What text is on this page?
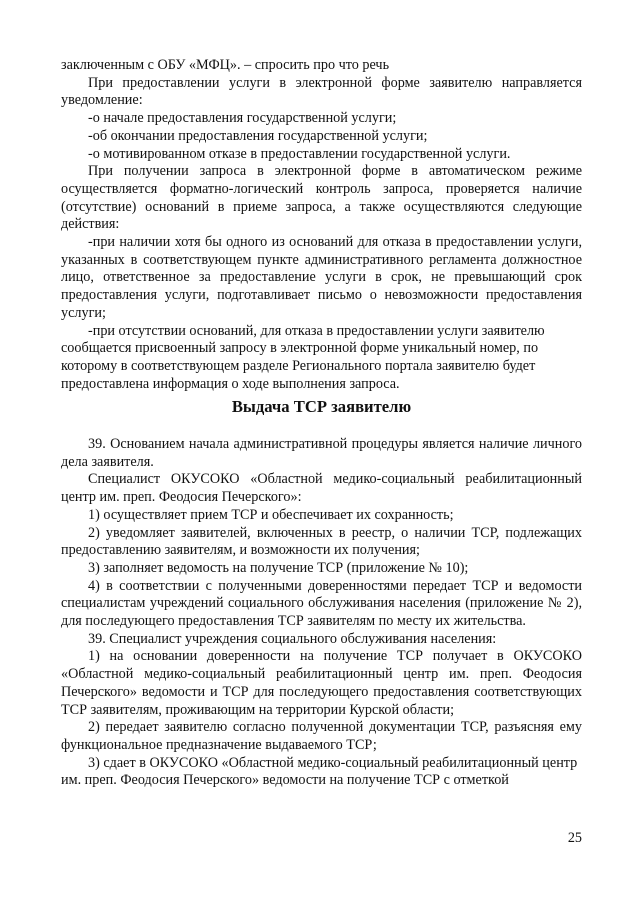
заключенным с ОБУ «МФЦ». – спросить про что речь

При предоставлении услуги в электронной форме заявителю направляется уведомление:

-о начале предоставления государственной услуги;

-об окончании предоставления государственной услуги;

-о мотивированном отказе в предоставлении государственной услуги.

При получении запроса в электронной форме в автоматическом режиме осуществляется форматно-логический контроль запроса, проверяется наличие (отсутствие) оснований в приеме запроса, а также осуществляются следующие действия:

-при наличии хотя бы одного из оснований для отказа в предоставлении услуги, указанных в соответствующем пункте административного регламента должностное лицо, ответственное за предоставление услуги в срок, не превышающий срок предоставления услуги, подготавливает письмо о невозможности предоставления услуги;

-при отсутствии оснований, для отказа в предоставлении услуги заявителю сообщается присвоенный запросу в электронной форме уникальный номер, по которому в соответствующем разделе Регионального портала заявителю будет предоставлена информация о ходе выполнения запроса.

Выдача ТСР заявителю

39. Основанием начала административной процедуры является наличие личного дела заявителя.

Специалист ОКУСОКО «Областной медико-социальный реабилитационный центр им. преп. Феодосия Печерского»:

1) осуществляет прием ТСР и обеспечивает их сохранность;

2) уведомляет заявителей, включенных в реестр, о наличии ТСР, подлежащих предоставлению заявителям, и возможности их получения;

3) заполняет ведомость на получение ТСР (приложение № 10);

4) в соответствии с полученными доверенностями передает ТСР и ведомости специалистам учреждений социального обслуживания населения (приложение № 2), для последующего предоставления ТСР заявителям по месту их жительства.

39. Специалист учреждения социального обслуживания населения:

1) на основании доверенности на получение ТСР получает в ОКУСОКО «Областной медико-социальный реабилитационный центр им. преп. Феодосия Печерского» ведомости и ТСР для последующего предоставления соответствующих ТСР заявителям, проживающим на территории Курской области;

2) передает заявителю согласно полученной документации ТСР, разъясняя ему функциональное предназначение выдаваемого ТСР;

3) сдает в ОКУСОКО «Областной медико-социальный реабилитационный центр им. преп. Феодосия Печерского» ведомости на получение ТСР с отметкой

25
